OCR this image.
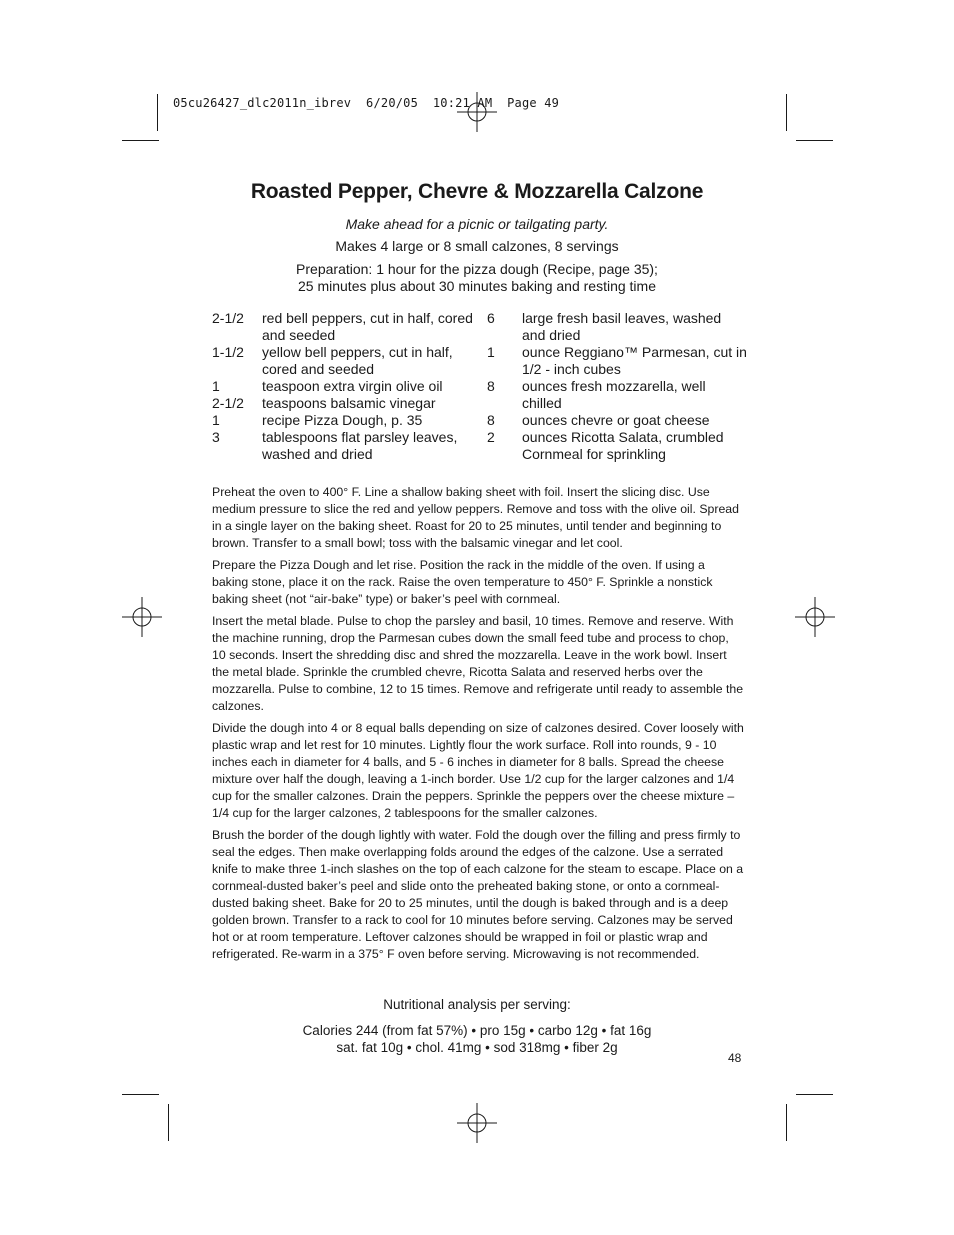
05cu26427_dlc2011n_ibrev  6/20/05  10:21 AM  Page 49
Roasted Pepper, Chevre & Mozzarella Calzone
Make ahead for a picnic or tailgating party.
Makes 4 large or 8 small calzones, 8 servings
Preparation: 1 hour for the pizza dough (Recipe, page 35);
25 minutes plus about 30 minutes baking and resting time
2-1/2	red bell peppers, cut in half, cored and seeded
1-1/2	yellow bell peppers, cut in half, cored and seeded
1	teaspoon extra virgin olive oil
2-1/2	teaspoons balsamic vinegar
1	recipe Pizza Dough, p. 35
3	tablespoons flat parsley leaves, washed and dried
6	large fresh basil leaves, washed and dried
1	ounce Reggiano™ Parmesan, cut in 1/2 - inch cubes
8	ounces fresh mozzarella, well chilled
8	ounces chevre or goat cheese
2	ounces Ricotta Salata, crumbled
Cornmeal for sprinkling

Preheat the oven to 400° F. Line a shallow baking sheet with foil. Insert the slicing disc. Use medium pressure to slice the red and yellow peppers. Remove and toss with the olive oil. Spread in a single layer on the baking sheet. Roast for 20 to 25 minutes, until tender and beginning to brown. Transfer to a small bowl; toss with the balsamic vinegar and let cool.

Prepare the Pizza Dough and let rise. Position the rack in the middle of the oven. If using a baking stone, place it on the rack. Raise the oven temperature to 450° F. Sprinkle a nonstick baking sheet (not “air-bake” type) or baker’s peel with cornmeal.

Insert the metal blade. Pulse to chop the parsley and basil, 10 times. Remove and reserve. With the machine running, drop the Parmesan cubes down the small feed tube and process to chop, 10 seconds. Insert the shredding disc and shred the mozzarella. Leave in the work bowl. Insert the metal blade. Sprinkle the crumbled chevre, Ricotta Salata and reserved herbs over the mozzarella. Pulse to combine, 12 to 15 times. Remove and refrigerate until ready to assemble the calzones.

Divide the dough into 4 or 8 equal balls depending on size of calzones desired. Cover loosely with plastic wrap and let rest for 10 minutes. Lightly flour the work surface. Roll into rounds, 9 - 10 inches each in diameter for 4 balls, and 5 - 6 inches in diameter for 8 balls. Spread the cheese mixture over half the dough, leaving a 1-inch border. Use 1/2 cup for the larger calzones and 1/4 cup for the smaller calzones. Drain the peppers. Sprinkle the peppers over the cheese mixture – 1/4 cup for the larger calzones, 2 tablespoons for the smaller calzones.

Brush the border of the dough lightly with water. Fold the dough over the filling and press firmly to seal the edges. Then make overlapping folds around the edges of the calzone. Use a serrated knife to make three 1-inch slashes on the top of each calzone for the steam to escape. Place on a cornmeal-dusted baker’s peel and slide onto the preheated baking stone, or onto a cornmeal-dusted baking sheet. Bake for 20 to 25 minutes, until the dough is baked through and is a deep golden brown. Transfer to a rack to cool for 10 minutes before serving. Calzones may be served hot or at room temperature. Leftover calzones should be wrapped in foil or plastic wrap and refrigerated. Re-warm in a 375° F oven before serving. Microwaving is not recommended.

Nutritional analysis per serving:
Calories 244 (from fat 57%) • pro 15g • carbo 12g • fat 16g
sat. fat 10g • chol. 41mg • sod 318mg • fiber 2g
48
